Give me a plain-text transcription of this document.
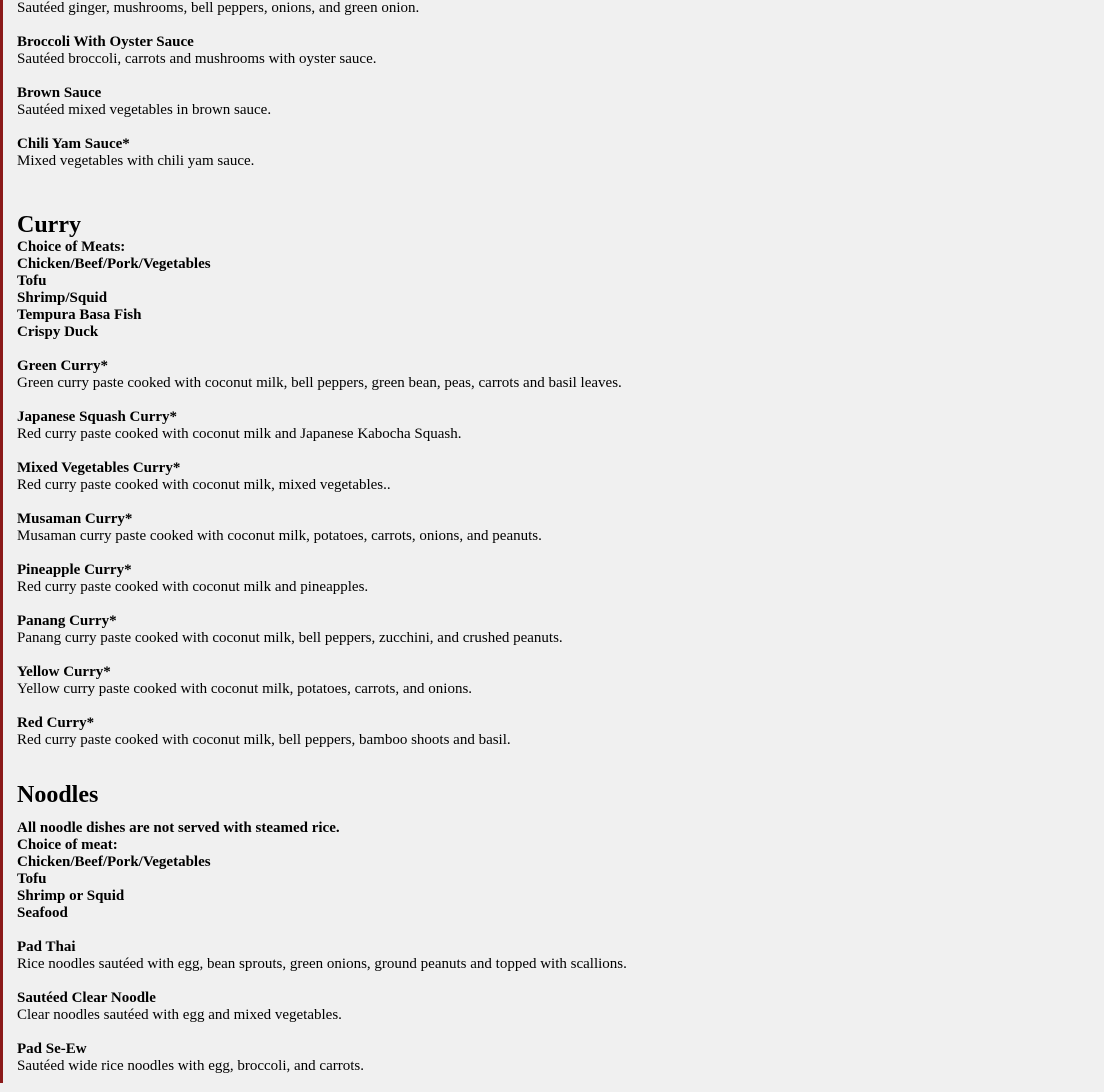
Sautéed ginger, mushrooms, bell peppers, onions, and green onion.
Broccoli With Oyster Sauce
Sautéed broccoli, carrots and mushrooms with oyster sauce.
Brown Sauce
Sautéed mixed vegetables in brown sauce.
Chili Yam Sauce*
Mixed vegetables with chili yam sauce.
Curry
Choice of Meats:
Chicken/Beef/Pork/Vegetables
Tofu
Shrimp/Squid
Tempura Basa Fish
Crispy Duck
Green Curry*
Green curry paste cooked with coconut milk, bell peppers, green bean, peas, carrots and basil leaves.
Japanese Squash Curry*
Red curry paste cooked with coconut milk and Japanese Kabocha Squash.
Mixed Vegetables Curry*
Red curry paste cooked with coconut milk, mixed vegetables..
Musaman Curry*
Musaman curry paste cooked with coconut milk, potatoes, carrots, onions, and peanuts.
Pineapple Curry*
Red curry paste cooked with coconut milk and pineapples.
Panang Curry*
Panang curry paste cooked with coconut milk, bell peppers, zucchini, and crushed peanuts.
Yellow Curry*
Yellow curry paste cooked with coconut milk, potatoes, carrots, and onions.
Red Curry*
Red curry paste cooked with coconut milk, bell peppers, bamboo shoots and basil.
Noodles
All noodle dishes are not served with steamed rice.
Choice of meat:
Chicken/Beef/Pork/Vegetables
Tofu
Shrimp or Squid
Seafood
Pad Thai
Rice noodles sautéed with egg, bean sprouts, green onions, ground peanuts and topped with scallions.
Sautéed Clear Noodle
Clear noodles sautéed with egg and mixed vegetables.
Pad Se-Ew
Sautéed wide rice noodles with egg, broccoli, and carrots.
